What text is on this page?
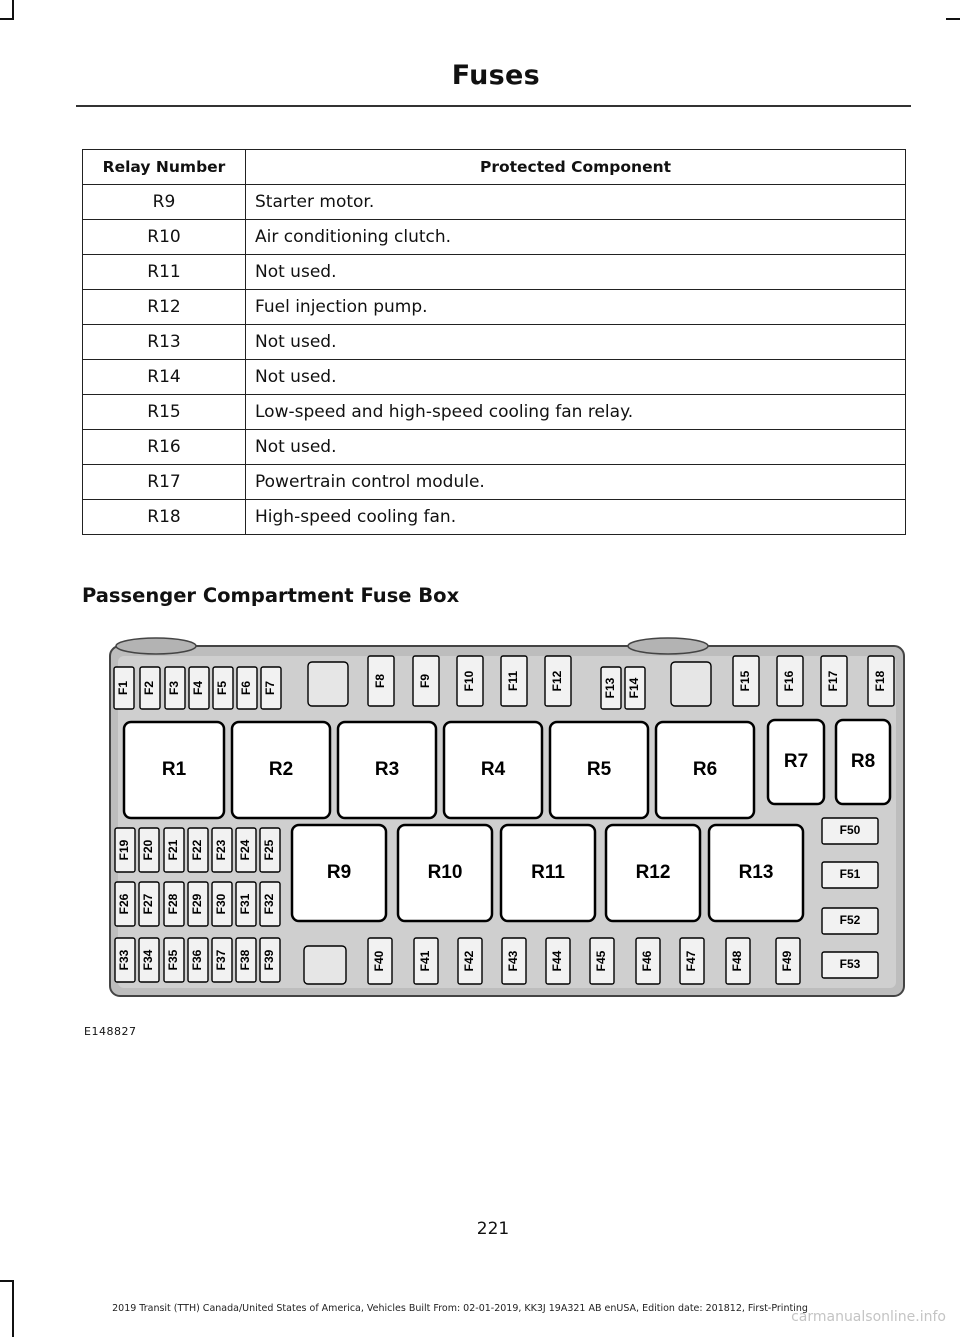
Fuses
Relay Number	Protected Component
R9	Starter motor.
R10	Air conditioning clutch.
R11	Not used.
R12	Fuel injection pump.
R13	Not used.
R14	Not used.
R15	Low-speed and high-speed cooling fan relay.
R16	Not used.
R17	Powertrain control module.
R18	High-speed cooling fan.
Passenger Compartment Fuse Box
F1 F2 F3 F4 F5 F6 F7	F8	F9	F10	F11	F12	F13 F14	F15	F16	F17	F18
R1	R2	R3	R4	R5	R6	R7 R8
F19 F20 F21 F22 F23 F24 F25
F26 F27 F28 F29 F30 F31 F32
F33 F34 F35 F36 F37 F38 F39
R9	R10	R11	R12	R13
F40	F41	F42	F43	F44	F45	F46	F47	F48	F49
F50
F51
F52
F53
E148827
221
2019 Transit (TTH) Canada/United States of America, Vehicles Built From: 02-01-2019, KK3J 19A321 AB enUSA, Edition date: 201812, First-Printing
carmanualsonline.info
